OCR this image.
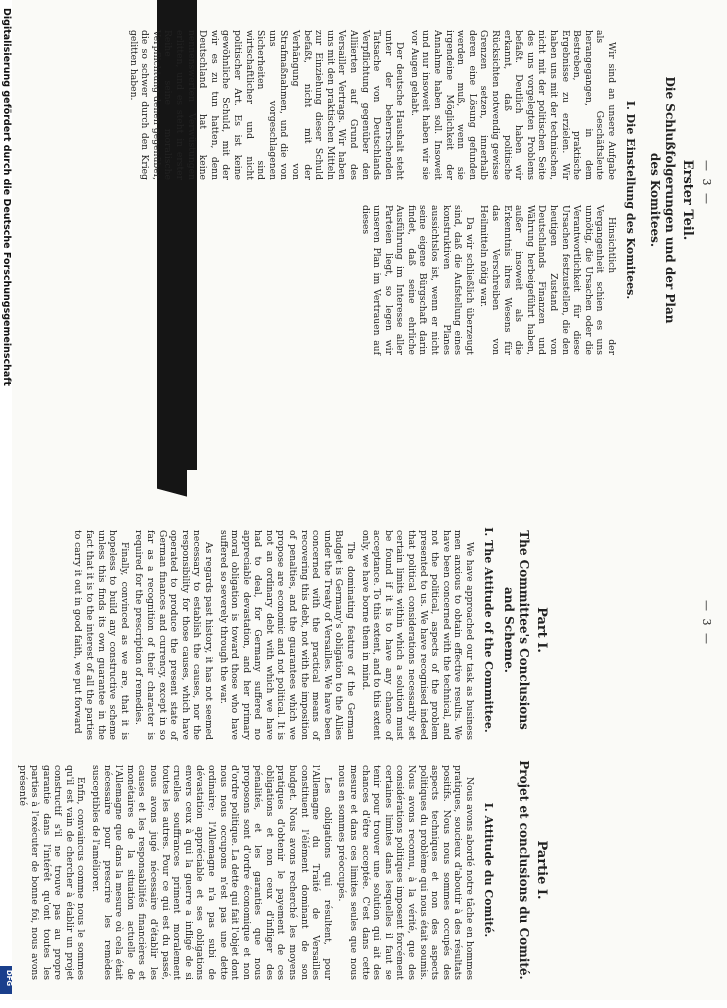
— 3 —
Erster Teil.
Die Schlußfolgerungen und der Plan
des Komitees.
I. Die Einstellung des Komitees.

Wir sind an unsere Aufgabe als Geschäftsleute herangegangen, in dem Bestreben, praktische Ergebnisse zu erzielen. Wir haben uns mit der technischen, nicht mit der politischen Seite des uns vorgelegten Problems befaßt. Deutlich haben wir erkannt, daß politische Rücksichten notwendig gewisse Grenzen setzen, innerhalb deren eine Lösung gefunden werden muß, wenn sie irgendeine Möglichkeit der Annahme haben soll. Insoweit und nur insoweit haben wir sie vor Augen gehabt.

Der deutsche Haushalt steht unter der beherrschenden Tatsache von Deutschlands Verpflichtung gegenüber den Alliierten auf Grund des Versailler Vertrags. Wir haben uns mit den praktischen Mitteln zur Einziehung dieser Schuld befaßt, nicht mit der Verhängung von Strafmaßnahmen, und die von uns vorgeschlagenen Sicherheiten sind wirtschaftlicher und nicht politischer Art. Es ist keine gewöhnliche Schuld, mit der wir es zu tun hatten, denn Deutschland hat keine nennenswerten Verwüstungen erlitten, und es steht in erster Reihe seine moralische Verpflichtung denen gegenüber, die so schwer durch den Krieg gelitten haben.

Hinsichtlich der Vergangenheit schien es uns unnötig, die Ursachen oder die Verantwortlichkeit für diese Ursachen festzustellen, die den heutigen Zustand von Deutschlands Finanzen und Währung herbeigeführt haben, außer insoweit als die Erkenntnis ihres Wesens für das Verschreiben von Heilmitteln nötig war.

Da wir schließlich überzeugt sind, daß die Aufstellung eines konstruktiven Planes aussichtslos ist, wenn er nicht seine eigene Bürgschaft darin findet, daß seine ehrliche Ausführung im Interesse aller Parteien liegt, so legen wir unseren Plan im Vertrauen auf dieses

Part I.
The Committee's Conclusions
and Scheme.
I. The Attitude of the Committee.

We have approached our task as business men anxious to obtain effective results. We have been concerned with the technical, and not the political, aspects of the problem presented to us. We have recognised indeed that political considerations necessarily set certain limits within which a solution must be found if it is to have any chance of acceptance. To this extent, and to this extent only, we have borne them in mind.

The dominating feature of the German Budget is Germany's obligation to the Allies under the Treaty of Versailles. We have been concerned with the practical means of recovering this debt, not with the imposition of penalties, and the guarantees which we propose are economic and not political. It is not an ordinary debt with which we have had to deal, for Germany suffered no appreciable devastation, and her primary moral obligation is toward those who have suffered so severely through the war.

As regards past history, it has not seemed necessary to establish the causes, nor the responsibility for those causes, which have operated to produce the present state of German finances and currency, except in so far as a recognition of their character is required for the prescription of remedies.

Finally, convinced as we are, that it is hopeless to build any constructive scheme unless this finds its own guarantee in the fact that it is to the interest of all the parties to carry it out in good faith, we put forward	— 3 —
Partie I.
Projet et conclusions du Comité.
I. Attitude du Comité.

Nous avons abordé notre tâche en hommes pratiques, soucieux d'aboutir à des résultats positifs. Nous nous sommes occupés des aspects techniques et non des aspects politiques du problème qui nous était soumis. Nous avons reconnu, à la vérité, que des considérations politiques imposent forcément certaines limites dans lesquelles il faut se tenir pour trouver une solution qui ait des chances d'être acceptée. C'est dans cette mesure et dans ces limites seules que nous nous en sommes préoccupés.

Les obligations qui résultent, pour l'Allemagne du Traité de Versailles constituent l'élément dominant de son budget. Nous avons recherché les moyens pratiques d'obtenir le payement de ces obligations et non ceux d'infliger des pénalités, et les garanties que nous proposons sont d'ordre économique et non d'ordre politique. La dette qui fait l'objet dont nous nous occupons n'est pas une dette ordinaire; l'Allemagne n'a pas subi de dévastation appréciable et ses obligations envers ceux à qui la guerre a infligé de si cruelles souffrances priment moralement toutes les autres. Pour ce qui est du passé, nous avons jugé nécessaire d'établir les causes et les responsabilités financières et monétaires de la situation actuelle de l'Allemagne que dans la mesure où cela était nécessaire pour prescrire les remèdes susceptibles de l'améliorer.

Enfin, convaincus comme nous le sommes qu'il est vain de chercher à établir un projet constructif s'il ne trouve pas au propre garantie dans l'intérêt qu'ont toutes les parties à l'exécuter de bonne foi, nous avons présenté

Digitalisierung gefördert durch die Deutsche Forschungsgemeinschaft
DFG
